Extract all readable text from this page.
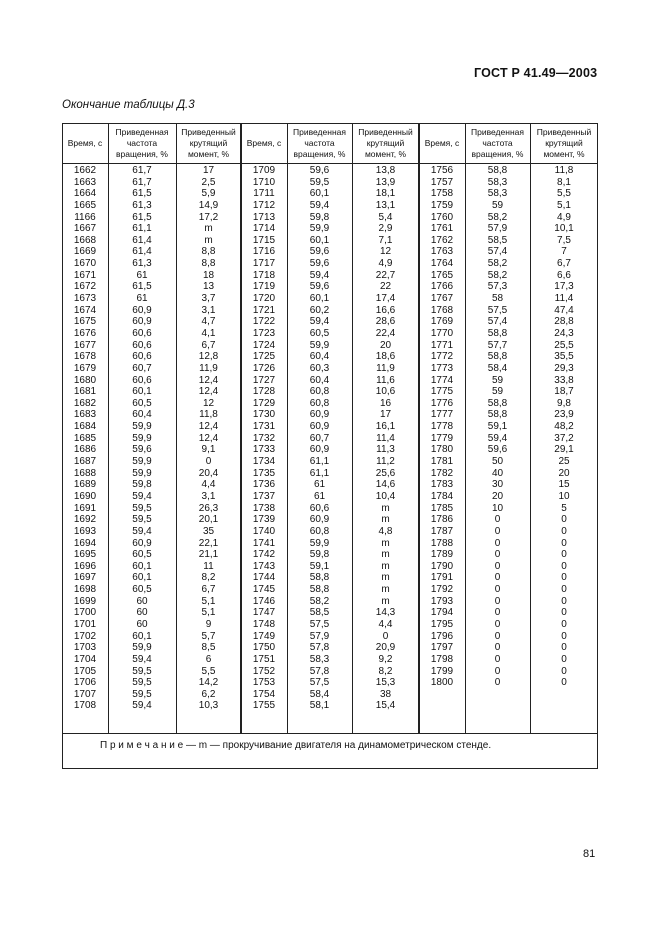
ГОСТ Р 41.49—2003
Окончание таблицы Д.3
Время, с
Приведенная частота вращения, %
Приведенный крутящий момент, %
Время, с
Приведенная частота вращения, %
Приведенный крутящий момент, %
Время, с
Приведенная частота вращения, %
Приведенный крутящий момент, %
1662
1663
1664
1665
1166
1667
1668
1669
1670
1671
1672
1673
1674
1675
1676
1677
1678
1679
1680
1681
1682
1683
1684
1685
1686
1687
1688
1689
1690
1691
1692
1693
1694
1695
1696
1697
1698
1699
1700
1701
1702
1703
1704
1705
1706
1707
1708
61,7
61,7
61,5
61,3
61,5
61,1
61,4
61,4
61,3
61
61,5
61
60,9
60,9
60,6
60,6
60,6
60,7
60,6
60,1
60,5
60,4
59,9
59,9
59,6
59,9
59,9
59,8
59,4
59,5
59,5
59,4
60,9
60,5
60,1
60,1
60,5
60
60
60
60,1
59,9
59,4
59,5
59,5
59,5
59,4
17
2,5
5,9
14,9
17,2
m
m
8,8
8,8
18
13
3,7
3,1
4,7
4,1
6,7
12,8
11,9
12,4
12,4
12
11,8
12,4
12,4
9,1
0
20,4
4,4
3,1
26,3
20,1
35
22,1
21,1
11
8,2
6,7
5,1
5,1
9
5,7
8,5
6
5,5
14,2
6,2
10,3
1709
1710
1711
1712
1713
1714
1715
1716
1717
1718
1719
1720
1721
1722
1723
1724
1725
1726
1727
1728
1729
1730
1731
1732
1733
1734
1735
1736
1737
1738
1739
1740
1741
1742
1743
1744
1745
1746
1747
1748
1749
1750
1751
1752
1753
1754
1755
59,6
59,5
60,1
59,4
59,8
59,9
60,1
59,6
59,6
59,4
59,6
60,1
60,2
59,4
60,5
59,9
60,4
60,3
60,4
60,8
60,8
60,9
60,9
60,7
60,9
61,1
61,1
61
61
60,6
60,9
60,8
59,9
59,8
59,1
58,8
58,8
58,2
58,5
57,5
57,9
57,8
58,3
57,8
57,5
58,4
58,1
13,8
13,9
18,1
13,1
5,4
2,9
7,1
12
4,9
22,7
22
17,4
16,6
28,6
22,4
20
18,6
11,9
11,6
10,6
16
17
16,1
11,4
11,3
11,2
25,6
14,6
10,4
m
m
4,8
m
m
m
m
m
m
14,3
4,4
0
20,9
9,2
8,2
15,3
38
15,4
1756
1757
1758
1759
1760
1761
1762
1763
1764
1765
1766
1767
1768
1769
1770
1771
1772
1773
1774
1775
1776
1777
1778
1779
1780
1781
1782
1783
1784
1785
1786
1787
1788
1789
1790
1791
1792
1793
1794
1795
1796
1797
1798
1799
1800
58,8
58,3
58,3
59
58,2
57,9
58,5
57,4
58,2
58,2
57,3
58
57,5
57,4
58,8
57,7
58,8
58,4
59
59
58,8
58,8
59,1
59,4
59,6
50
40
30
20
10
0
0
0
0
0
0
0
0
0
0
0
0
0
0
0
11,8
8,1
5,5
5,1
4,9
10,1
7,5
7
6,7
6,6
17,3
11,4
47,4
28,8
24,3
25,5
35,5
29,3
33,8
18,7
9,8
23,9
48,2
37,2
29,1
25
20
15
10
5
0
0
0
0
0
0
0
0
0
0
0
0
0
0
0
П р и м е ч а н и е — m — прокручивание двигателя на динамометрическом стенде.
81
